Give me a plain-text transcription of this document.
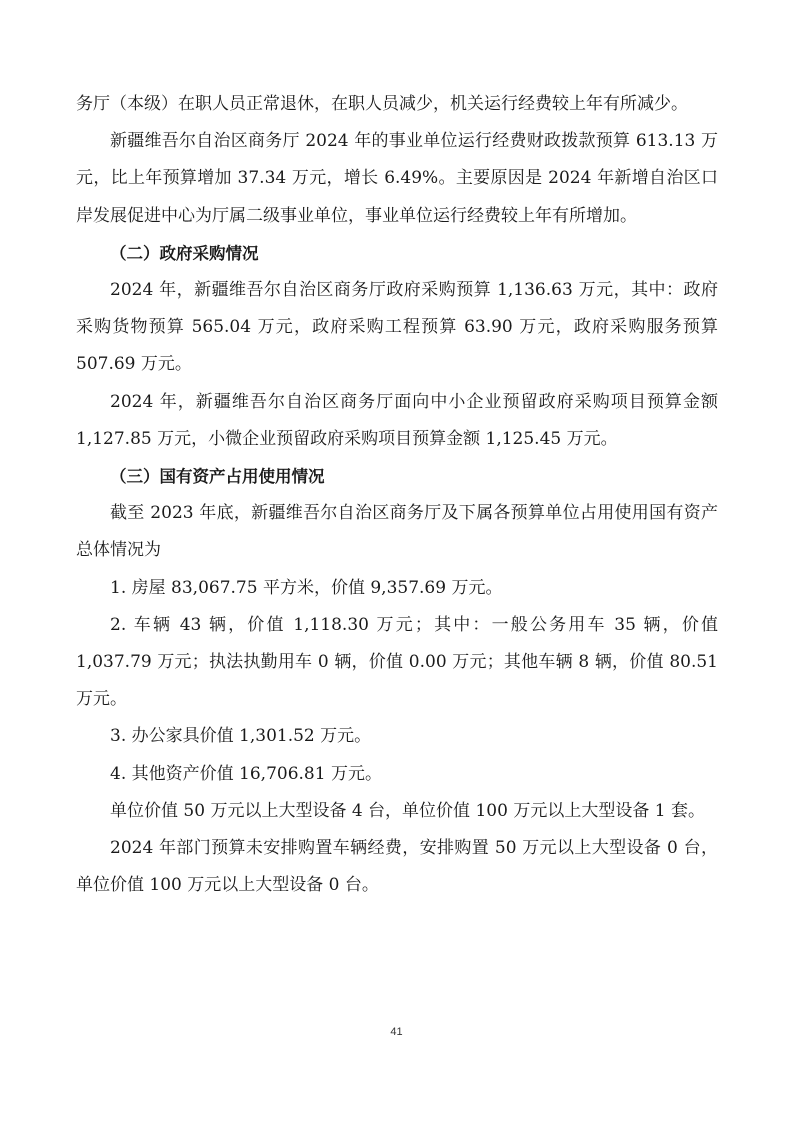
务厅（本级）在职人员正常退休，在职人员减少，机关运行经费较上年有所减少。

新疆维吾尔自治区商务厅 2024 年的事业单位运行经费财政拨款预算 613.13 万元，比上年预算增加 37.34 万元，增长 6.49%。主要原因是 2024 年新增自治区口岸发展促进中心为厅属二级事业单位，事业单位运行经费较上年有所增加。

（二）政府采购情况

2024 年，新疆维吾尔自治区商务厅政府采购预算 1,136.63 万元，其中：政府采购货物预算 565.04 万元，政府采购工程预算 63.90 万元，政府采购服务预算 507.69 万元。

2024 年，新疆维吾尔自治区商务厅面向中小企业预留政府采购项目预算金额 1,127.85 万元，小微企业预留政府采购项目预算金额 1,125.45 万元。

（三）国有资产占用使用情况

截至 2023 年底，新疆维吾尔自治区商务厅及下属各预算单位占用使用国有资产总体情况为

1. 房屋 83,067.75 平方米，价值 9,357.69 万元。

2. 车辆 43 辆，价值 1,118.30 万元；其中：一般公务用车 35 辆，价值 1,037.79 万元；执法执勤用车 0 辆，价值 0.00 万元；其他车辆 8 辆，价值 80.51 万元。

3. 办公家具价值 1,301.52 万元。

4. 其他资产价值 16,706.81 万元。

单位价值 50 万元以上大型设备 4 台，单位价值 100 万元以上大型设备 1 套。

2024 年部门预算未安排购置车辆经费，安排购置 50 万元以上大型设备 0 台，单位价值 100 万元以上大型设备 0 台。

41
